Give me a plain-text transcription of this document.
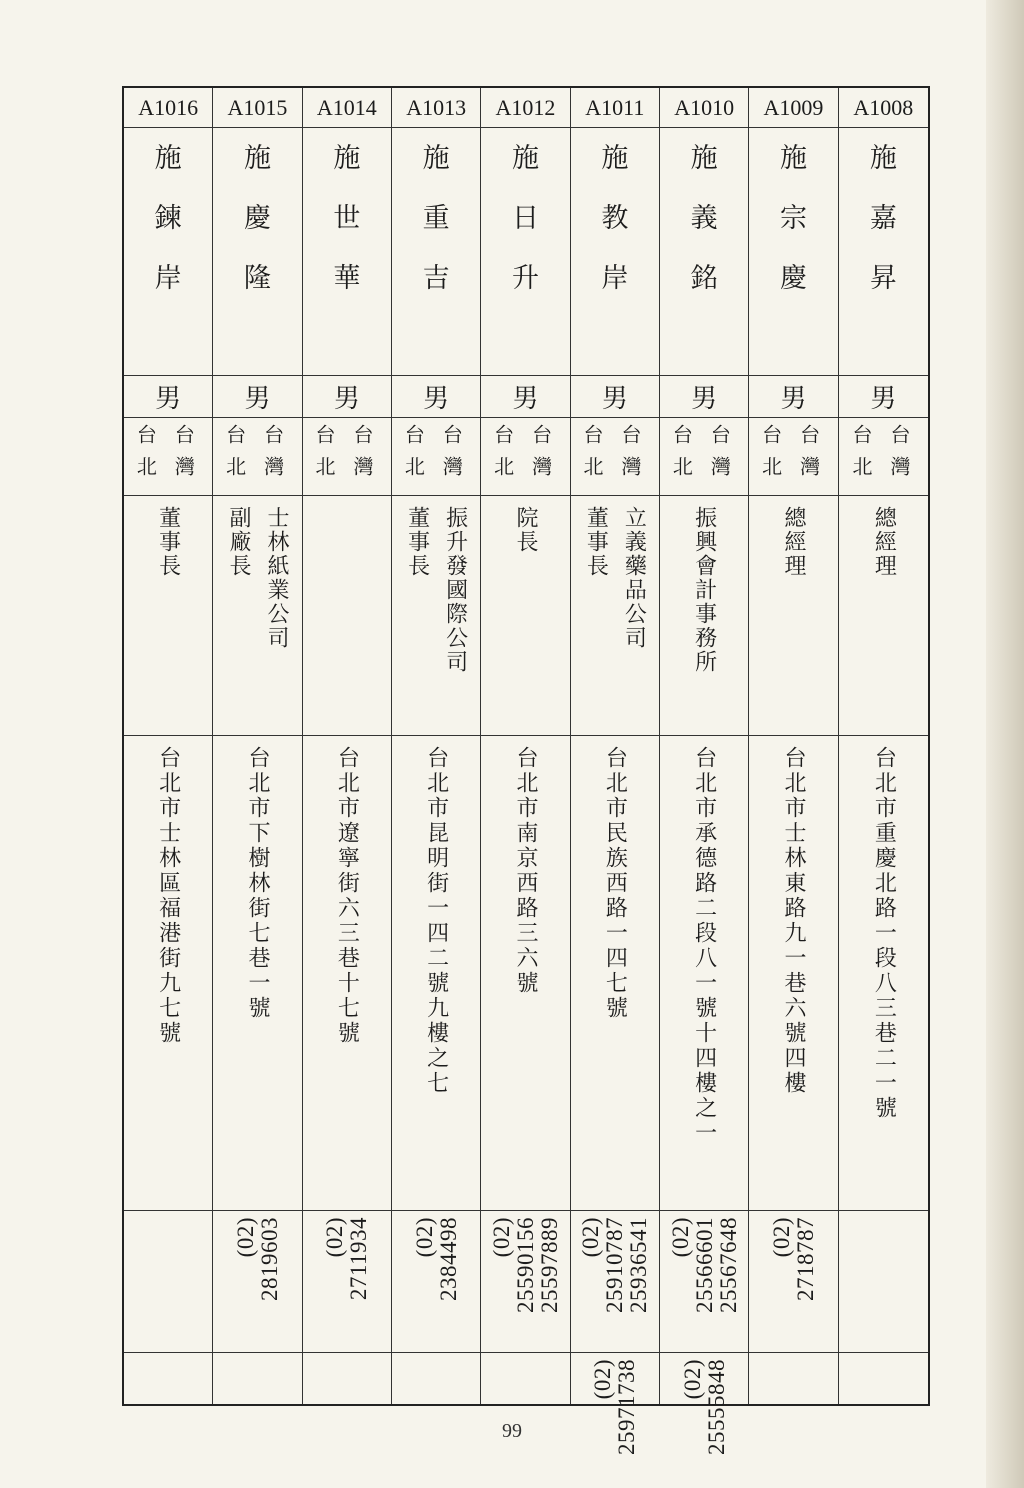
A1016
施
鍊
岸
男
台灣
台北
董事長
台北市士林區福港街九七號
A1015
施
慶
隆
男
台灣
台北
士林紙業公司
副廠長
台北市下樹林街七巷一號
(02) 2819603
A1014
施
世
華
男
台灣
台北
台北市遼寧街六三巷十七號
(02) 2711934
A1013
施
重
吉
男
台灣
台北
振升發國際公司
董事長
台北市昆明街一四二號九樓之七
(02) 2384498
A1012
施
日
升
男
台灣
台北
院長
台北市南京西路三六號
(02) 25590156 25597889
A1011
施
教
岸
男
台灣
台北
立義藥品公司
董事長
台北市民族西路一四七號
(02) 25910787 25936541
(02) 25971738
A1010
施
義
銘
男
台灣
台北
振興會計事務所
台北市承德路二段八一號十四樓之一
(02) 25566601 25567648
(02) 25555848
A1009
施
宗
慶
男
台灣
台北
總經理
台北市士林東路九一巷六號四樓
(02) 2718787
A1008
施
嘉
昇
男
台灣
台北
總經理
台北市重慶北路一段八三巷二一號
99
